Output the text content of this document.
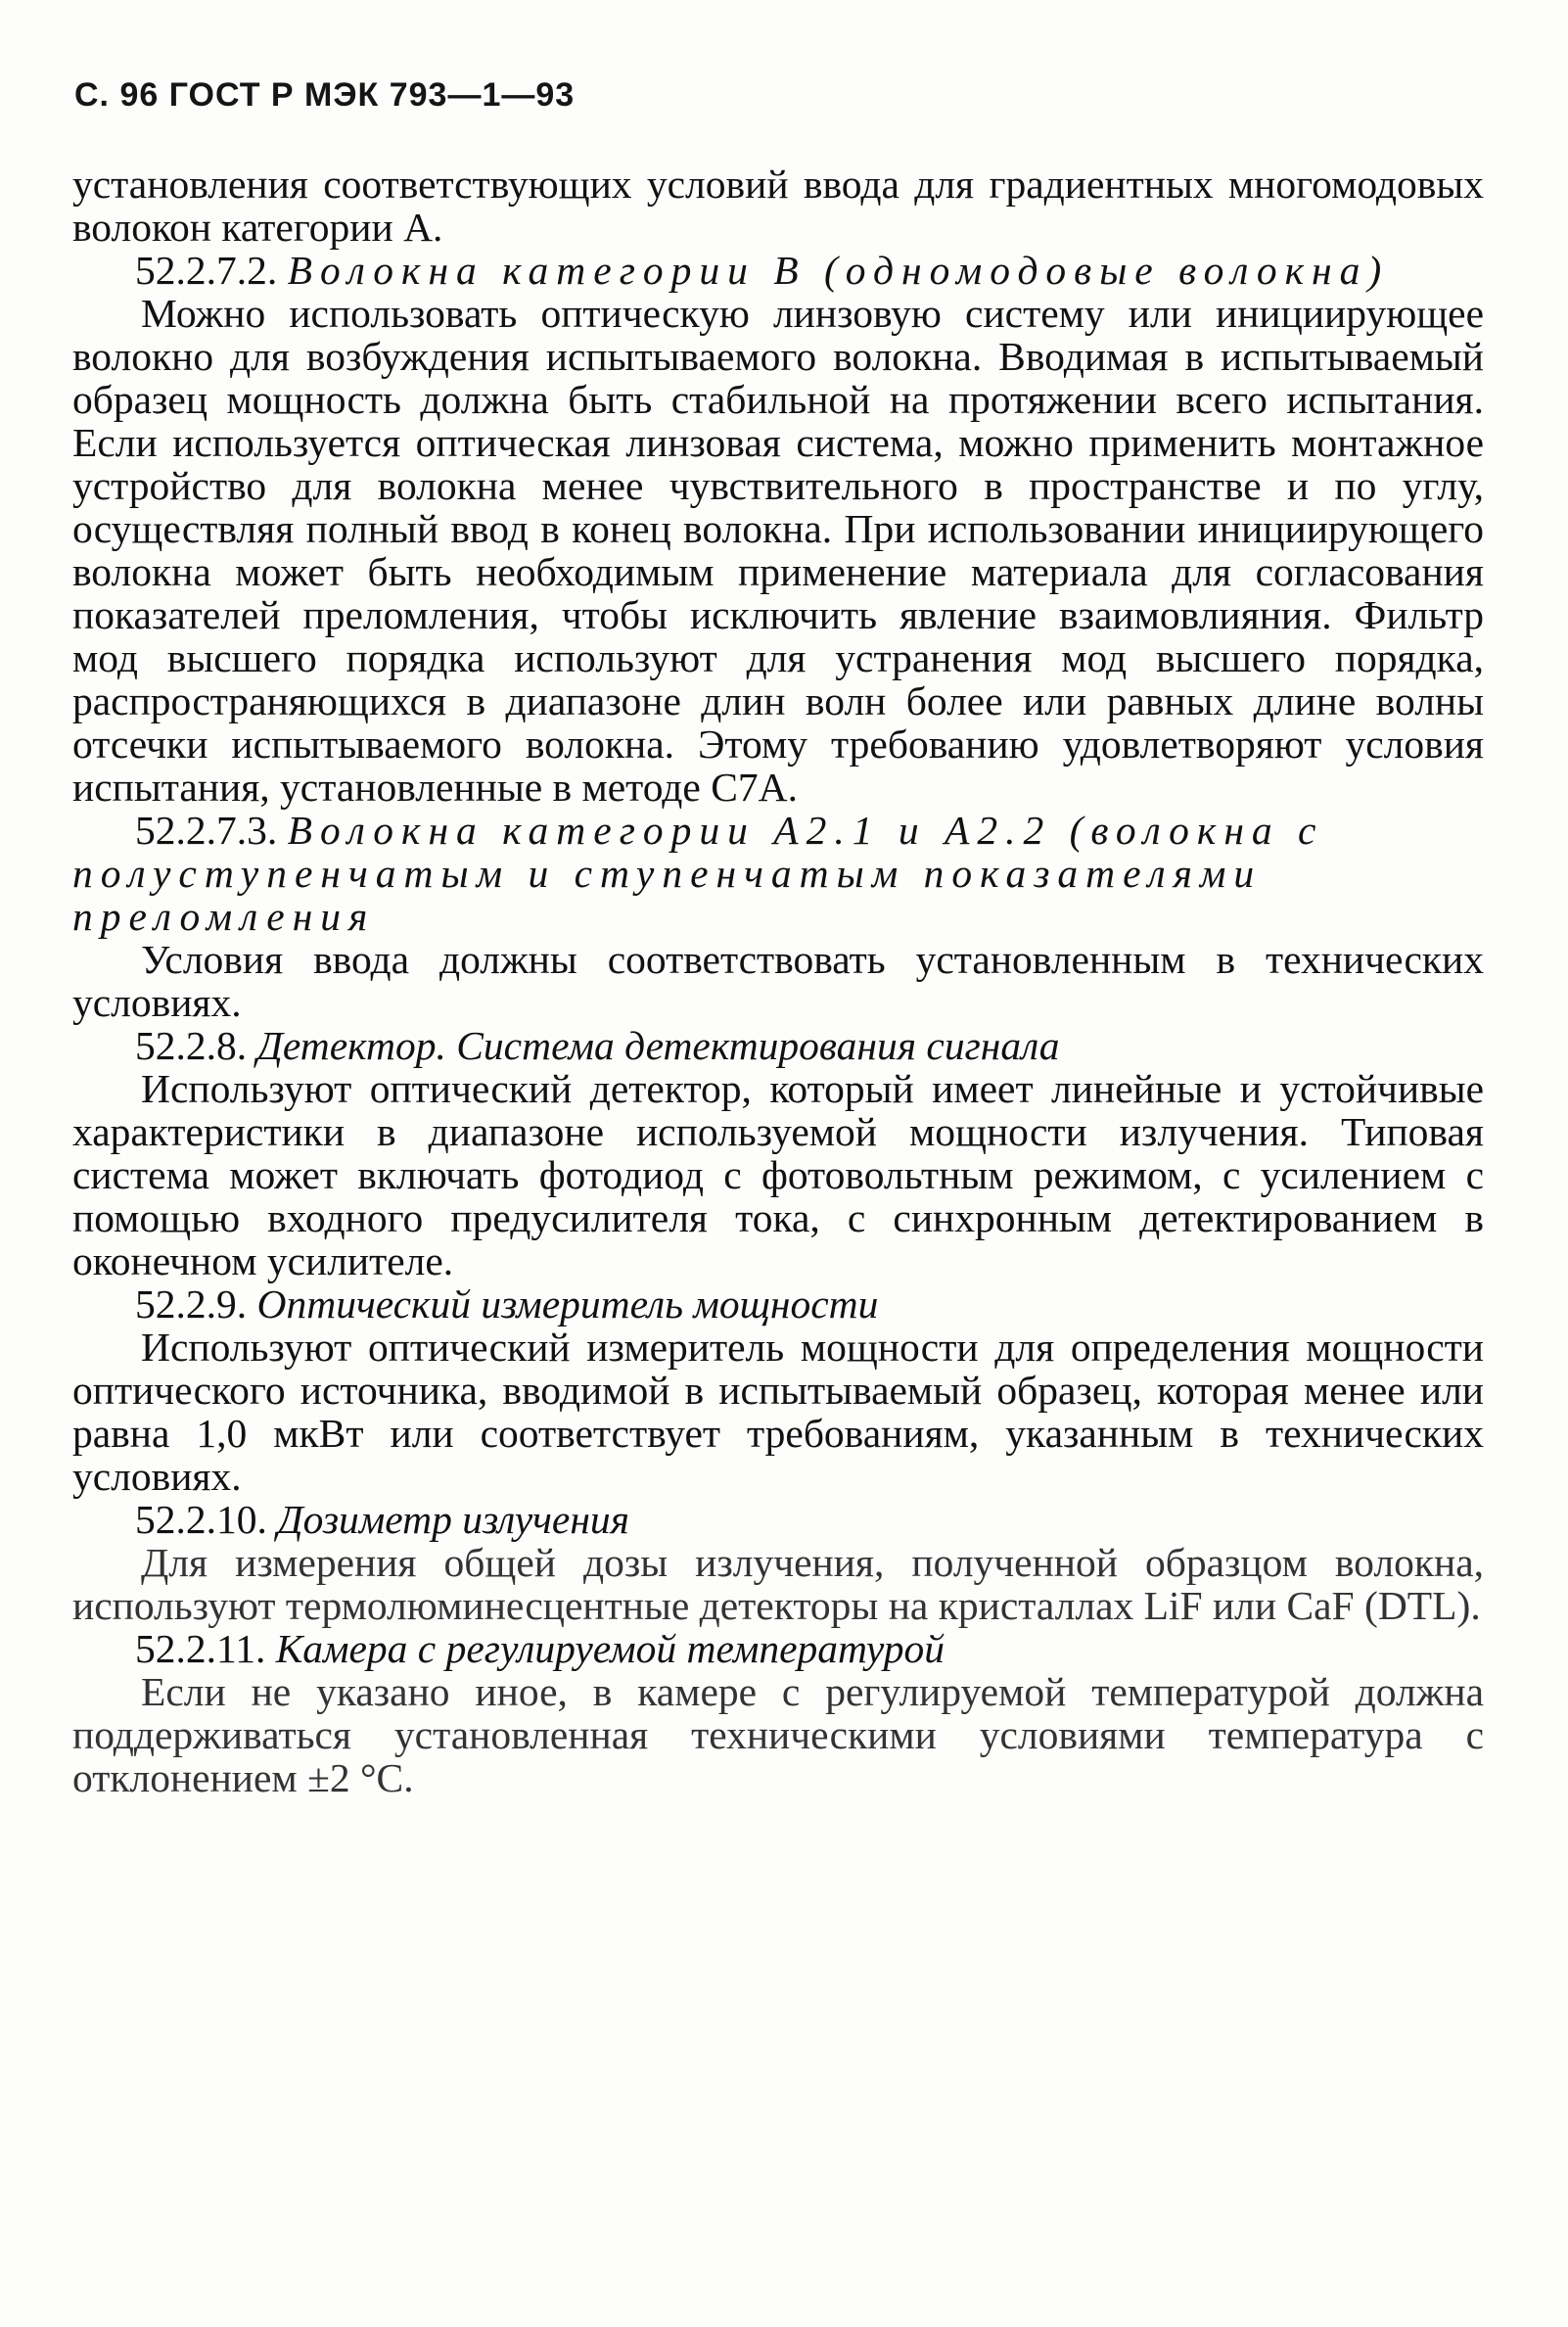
С. 96 ГОСТ Р МЭК 793—1—93

установления соответствующих условий ввода для градиентных многомодовых волокон категории А.

52.2.7.2. Волокна категории В (одномодовые волокна)

Можно использовать оптическую линзовую систему или инициирующее волокно для возбуждения испытываемого волокна. Вводимая в испытываемый образец мощность должна быть стабильной на протяжении всего испытания. Если используется оптическая линзовая система, можно применить монтажное устройство для волокна менее чувствительного в пространстве и по углу, осуществляя полный ввод в конец волокна. При использовании инициирующего волокна может быть необходимым применение материала для согласования показателей преломления, чтобы исключить явление взаимовлияния. Фильтр мод высшего порядка используют для устранения мод высшего порядка, распространяющихся в диапазоне длин волн более или равных длине волны отсечки испытываемого волокна. Этому требованию удовлетворяют условия испытания, установленные в методе С7А.

52.2.7.3. Волокна категории А2.1 и А2.2 (волокна с полуступенчатым и ступенчатым показателями преломления

Условия ввода должны соответствовать установленным в технических условиях.

52.2.8. Детектор. Система детектирования сигнала

Используют оптический детектор, который имеет линейные и устойчивые характеристики в диапазоне используемой мощности излучения. Типовая система может включать фотодиод с фотовольтным режимом, с усилением с помощью входного предусилителя тока, с синхронным детектированием в оконечном усилителе.

52.2.9. Оптический измеритель мощности

Используют оптический измеритель мощности для определения мощности оптического источника, вводимой в испытываемый образец, которая менее или равна 1,0 мкВт или соответствует требованиям, указанным в технических условиях.

52.2.10. Дозиметр излучения

Для измерения общей дозы излучения, полученной образцом волокна, используют термолюминесцентные детекторы на кристаллах LiF или CaF (DTL).

52.2.11. Камера с регулируемой температурой

Если не указано иное, в камере с регулируемой температурой должна поддерживаться установленная техническими условиями температура с отклонением ±2 °С.
